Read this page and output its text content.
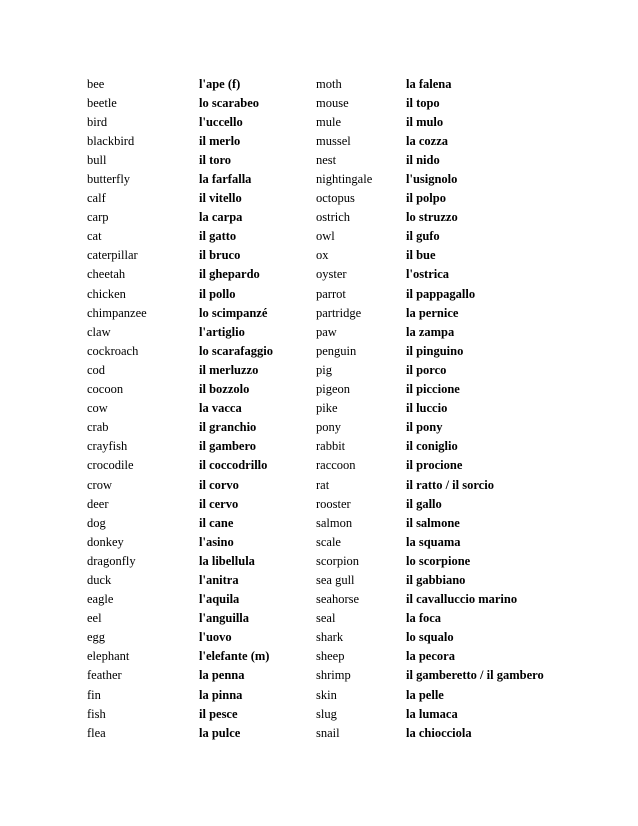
bee	l'ape (f)	moth	la falena
beetle	lo scarabeo	mouse	il topo
bird	l'uccello	mule	il mulo
blackbird	il merlo	mussel	la cozza
bull	il toro	nest	il nido
butterfly	la farfalla	nightingale	l'usignolo
calf	il vitello	octopus	il polpo
carp	la carpa	ostrich	lo struzzo
cat	il gatto	owl	il gufo
caterpillar	il bruco	ox	il bue
cheetah	il ghepardo	oyster	l'ostrica
chicken	il pollo	parrot	il pappagallo
chimpanzee	lo scimpanzé	partridge	la pernice
claw	l'artiglio	paw	la zampa
cockroach	lo scarafaggio	penguin	il pinguino
cod	il merluzzo	pig	il porco
cocoon	il bozzolo	pigeon	il piccione
cow	la vacca	pike	il luccio
crab	il granchio	pony	il pony
crayfish	il gambero	rabbit	il coniglio
crocodile	il coccodrillo	raccoon	il procione
crow	il corvo	rat	il ratto / il sorcio
deer	il cervo	rooster	il gallo
dog	il cane	salmon	il salmone
donkey	l'asino	scale	la squama
dragonfly	la libellula	scorpion	lo scorpione
duck	l'anitra	sea gull	il gabbiano
eagle	l'aquila	seahorse	il cavalluccio marino
eel	l'anguilla	seal	la foca
egg	l'uovo	shark	lo squalo
elephant	l'elefante (m)	sheep	la pecora
feather	la penna	shrimp	il gamberetto / il gambero
fin	la pinna	skin	la pelle
fish	il pesce	slug	la lumaca
flea	la pulce	snail	la chiocciola
